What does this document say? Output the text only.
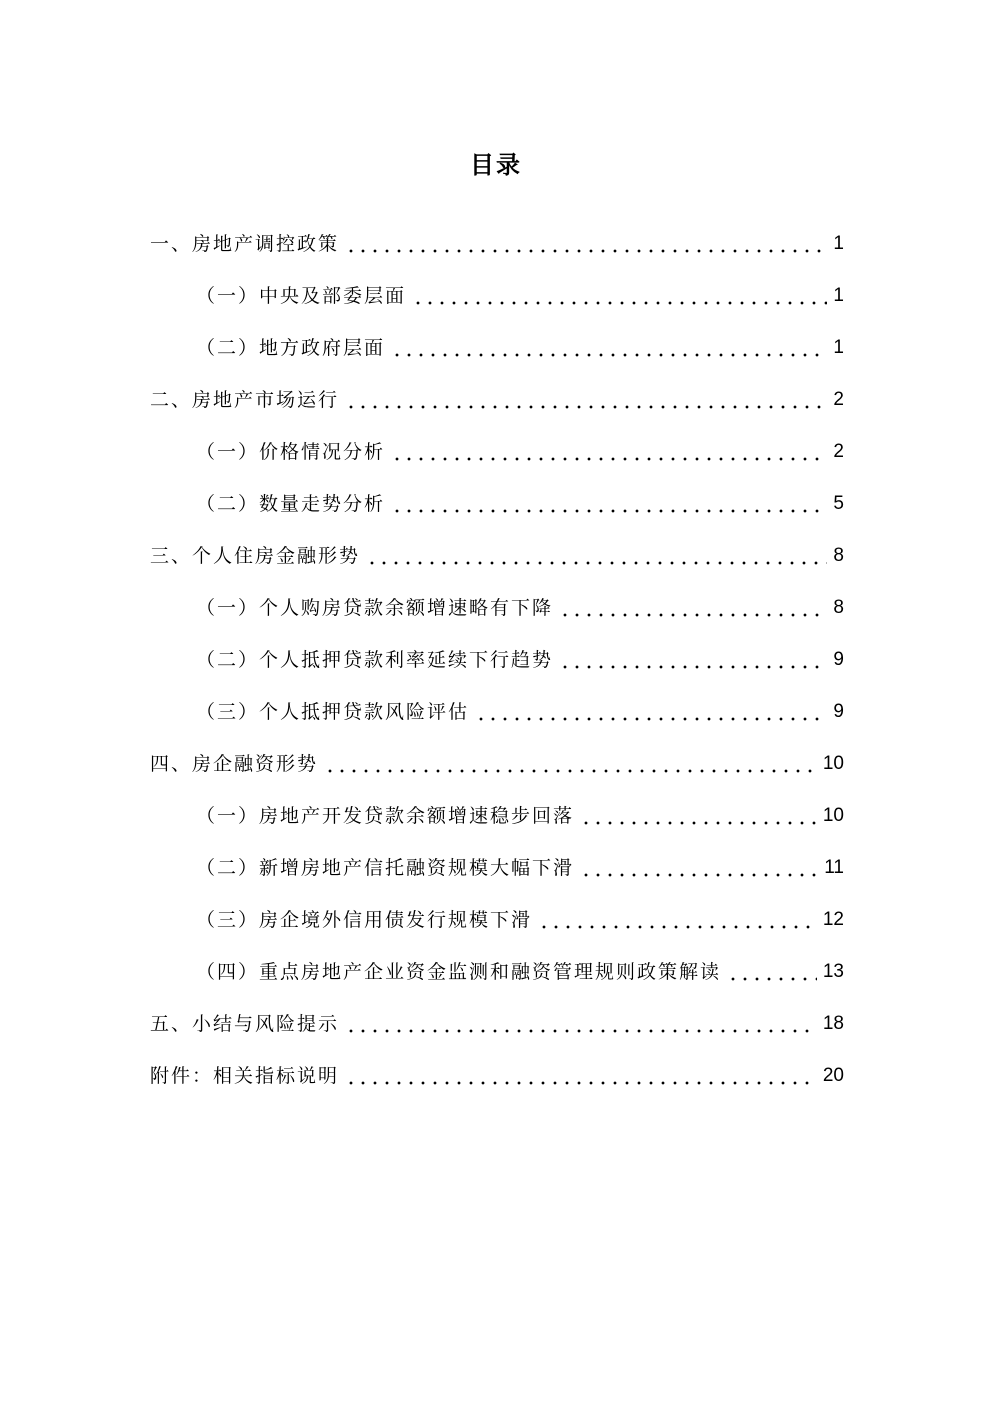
目录
一、房地产调控政策	1
（一）中央及部委层面	1
（二）地方政府层面	1
二、房地产市场运行	2
（一）价格情况分析	2
（二）数量走势分析	5
三、个人住房金融形势	8
（一）个人购房贷款余额增速略有下降	8
（二）个人抵押贷款利率延续下行趋势	9
（三）个人抵押贷款风险评估	9
四、房企融资形势	10
（一）房地产开发贷款余额增速稳步回落	10
（二）新增房地产信托融资规模大幅下滑	11
（三）房企境外信用债发行规模下滑	12
（四）重点房地产企业资金监测和融资管理规则政策解读	13
五、小结与风险提示	18
附件：相关指标说明	20
